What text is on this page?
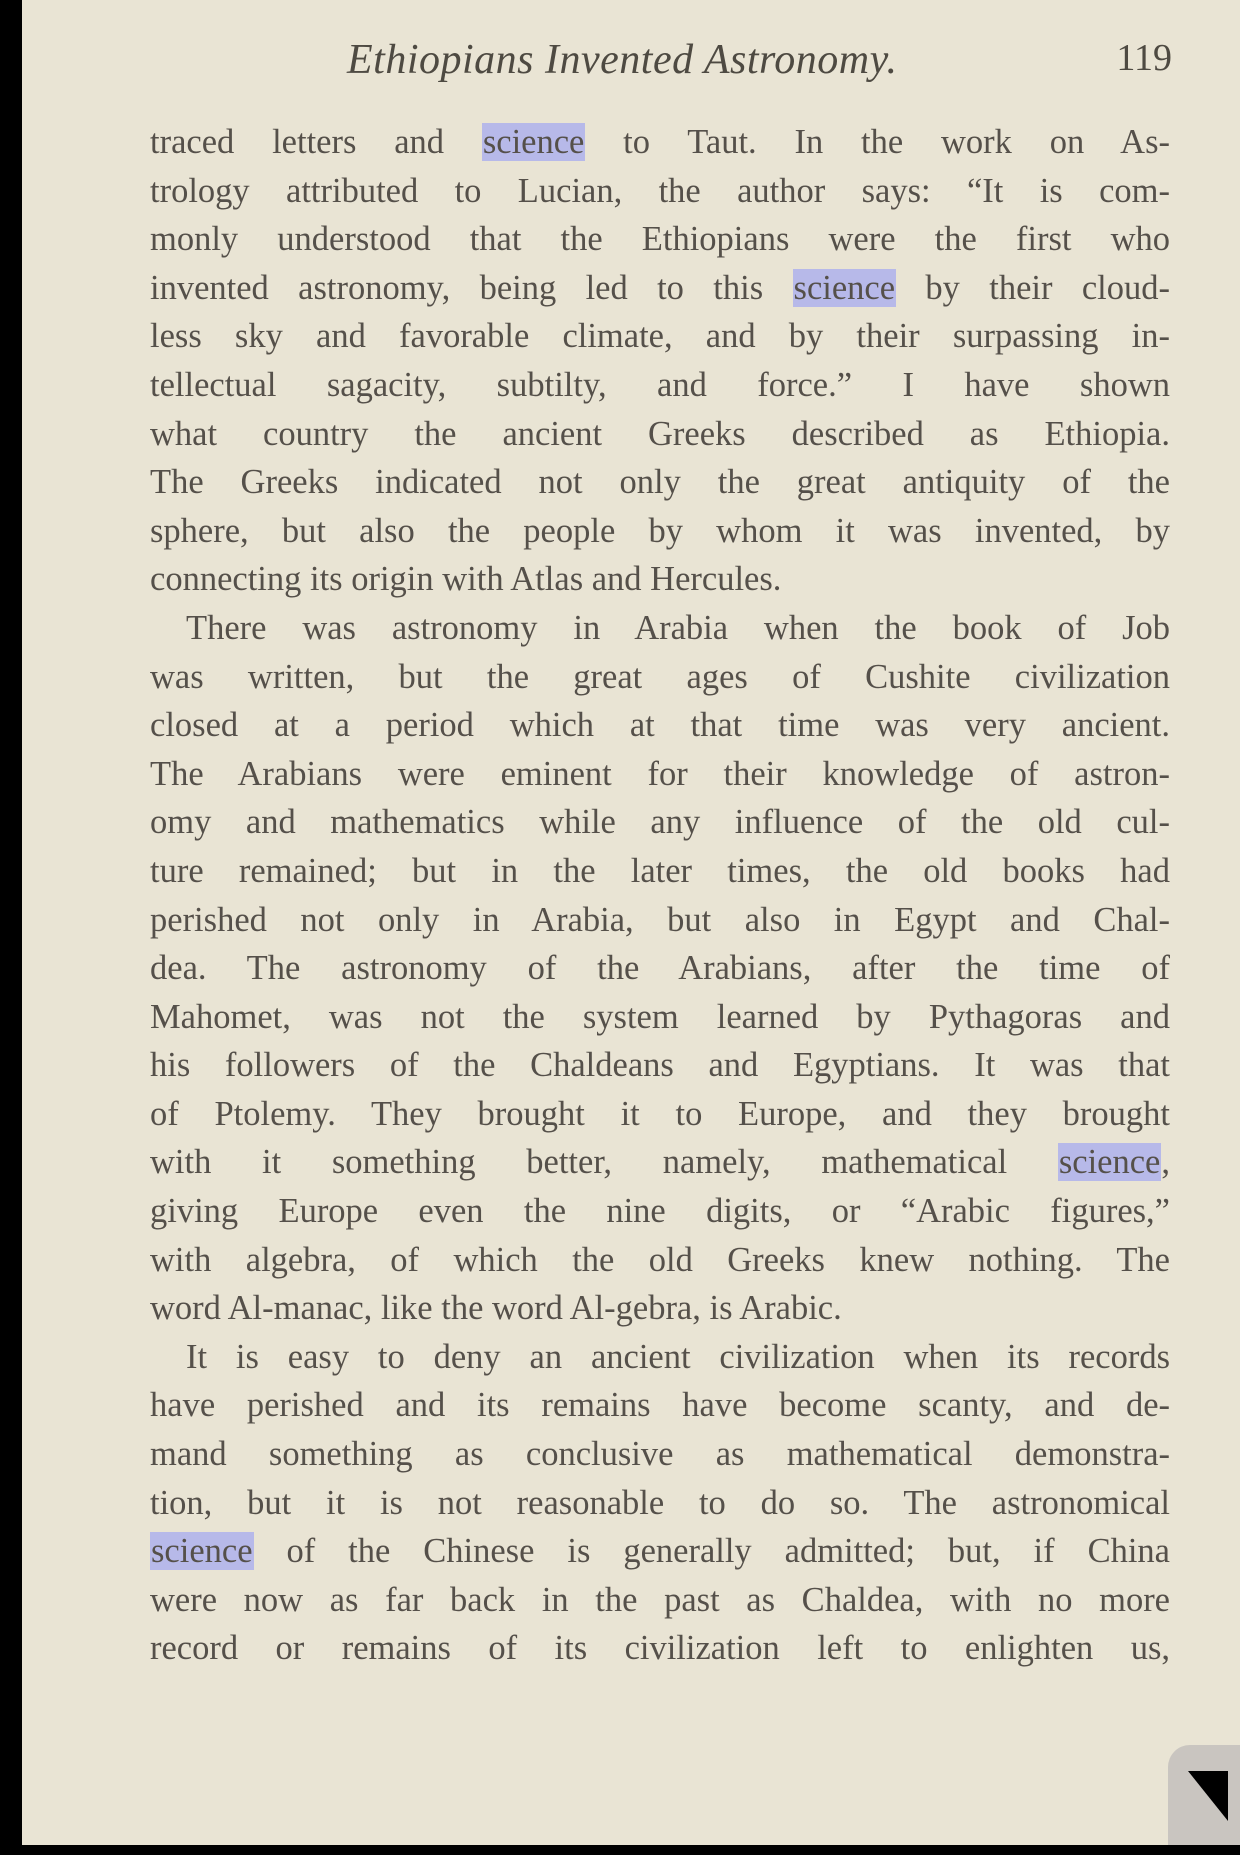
Ethiopians Invented Astronomy.	119
traced letters and science to Taut. In the work on As-
trology attributed to Lucian, the author says: “It is com-
monly understood that the Ethiopians were the first who
invented astronomy, being led to this science by their cloud-
less sky and favorable climate, and by their surpassing in-
tellectual sagacity, subtilty, and force.” I have shown
what country the ancient Greeks described as Ethiopia.
The Greeks indicated not only the great antiquity of the
sphere, but also the people by whom it was invented, by
connecting its origin with Atlas and Hercules.
There was astronomy in Arabia when the book of Job
was written, but the great ages of Cushite civilization
closed at a period which at that time was very ancient.
The Arabians were eminent for their knowledge of astron-
omy and mathematics while any influence of the old cul-
ture remained; but in the later times, the old books had
perished not only in Arabia, but also in Egypt and Chal-
dea. The astronomy of the Arabians, after the time of
Mahomet, was not the system learned by Pythagoras and
his followers of the Chaldeans and Egyptians. It was that
of Ptolemy. They brought it to Europe, and they brought
with it something better, namely, mathematical science,
giving Europe even the nine digits, or “Arabic figures,”
with algebra, of which the old Greeks knew nothing. The
word Al-manac, like the word Al-gebra, is Arabic.
It is easy to deny an ancient civilization when its records
have perished and its remains have become scanty, and de-
mand something as conclusive as mathematical demonstra-
tion, but it is not reasonable to do so. The astronomical
science of the Chinese is generally admitted; but, if China
were now as far back in the past as Chaldea, with no more
record or remains of its civilization left to enlighten us,
